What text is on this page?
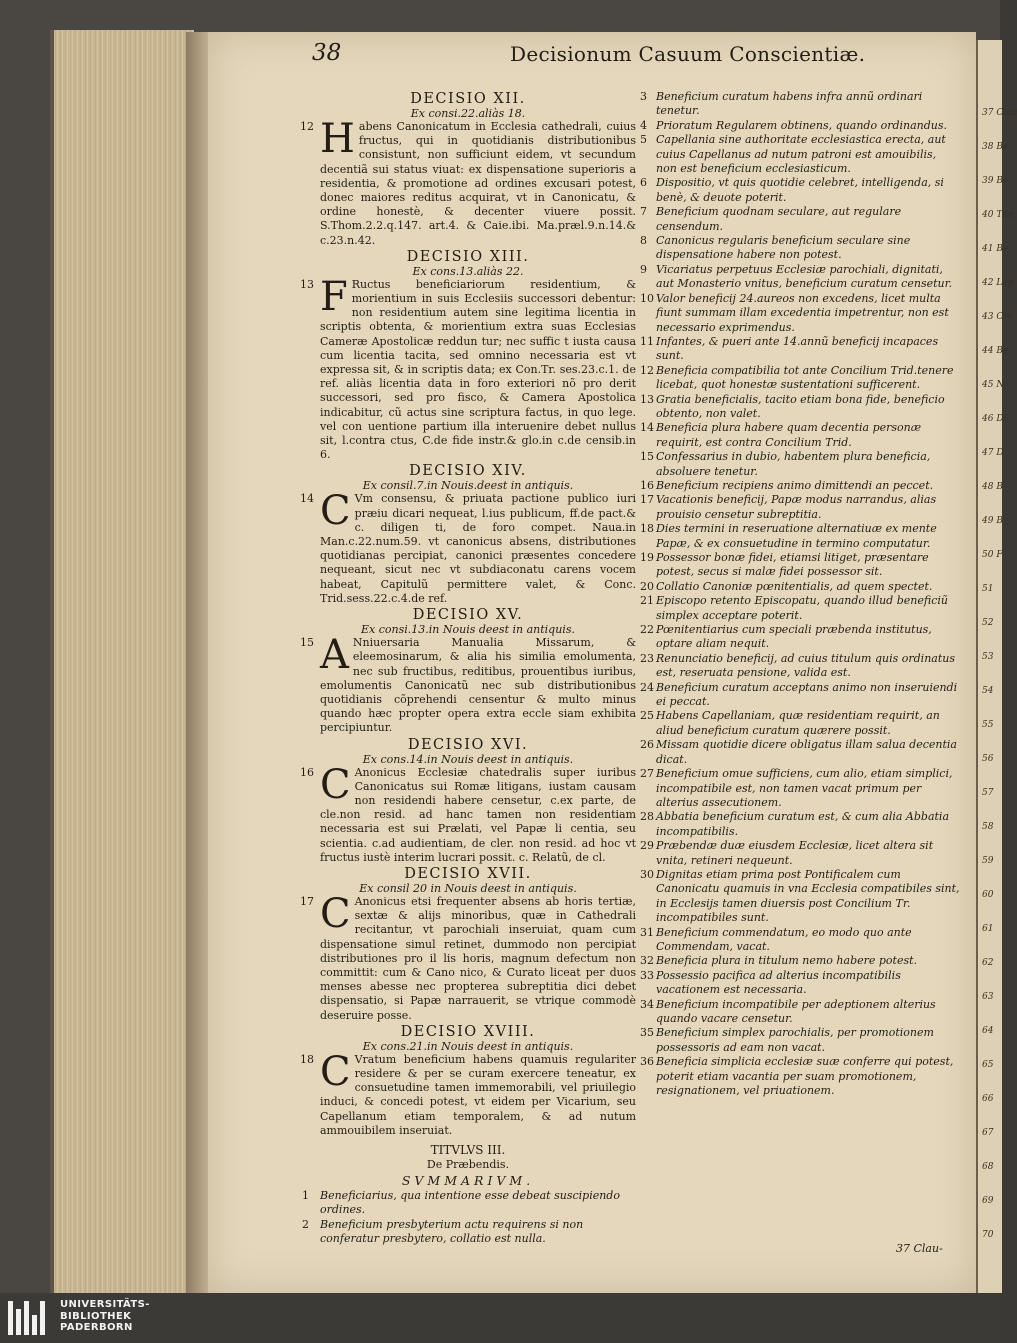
37 Clau
38 Be
39 Be
40 The
41 Be
42 Leg
43 Cre
44 Be
45 N
46 Di
47 D
48 B
49 B
50 F
51
52
53
54
55
56
57
58
59
60
61
62
63
64
65
66
67
68
69
70
38	Decisionum Casuum Conscientiæ.
DECISIO XII.
Ex consi.22.aliàs 18.
12 H abens Canonicatum in Ecclesia cathedrali, cuius fructus, qui in quotidianis distributionibus consistunt, non sufficiunt eidem, vt secundum decentiã sui status viuat: ex dispensatione superioris a residentia, & promotione ad ordines excusari potest, donec maiores reditus acquirat, vt in Canonicatu, & ordine honestè, & decenter viuere possit. S.Thom.2.2.q.147. art.4. & Caie.ibi. Ma.præl.9.n.14.& c.23.n.42.
DECISIO XIII.
Ex cons.13.aliàs 22.
13 F Ructus beneficiariorum residentium, & morientium in suis Ecclesiis successori debentur: non residentium autem sine legitima licentia in scriptis obtenta, & morientium extra suas Ecclesias Cameræ Apostolicæ reddun tur; nec suffic t iusta causa cum licentia tacita, sed omnino necessaria est vt expressa sit, & in scriptis data; ex Con.Tr. ses.23.c.1. de ref. aliàs licentia data in foro exteriori nõ pro derit successori, sed pro fisco, & Camera Apostolica indicabitur, cũ actus sine scriptura factus, in quo lege. vel con uentione partium illa interuenire debet nullus sit, l.contra ctus, C.de fide instr.& glo.in c.de censib.in 6.
DECISIO XIV.
Ex consil.7.in Nouis.deest in antiquis.
14 C Vm consensu, & priuata pactione publico iuri præiu dicari nequeat, l.ius publicum, ff.de pact.& c. diligen ti, de foro compet. Naua.in Man.c.22.num.59. vt canonicus absens, distributiones quotidianas percipiat, canonici præsentes concedere nequeant, sicut nec vt subdiaconatu carens vocem habeat, Capitulũ permittere valet, & Conc. Trid.sess.22.c.4.de ref.
DECISIO XV.
Ex consi.13.in Nouis deest in antiquis.
15 A Nniuersaria Manualia Missarum, & eleemosinarum, & alia his similia emolumenta, nec sub fructibus, reditibus, prouentibus iuribus, emolumentis Canonicatũ nec sub distributionibus quotidianis cõprehendi censentur & multo minus quando hæc propter opera extra eccle siam exhibita percipiuntur.
DECISIO XVI.
Ex cons.14.in Nouis deest in antiquis.
16 C Anonicus Ecclesiæ chatedralis super iuribus Canonicatus sui Romæ litigans, iustam causam non residendi habere censetur, c.ex parte, de cle.non resid. ad hanc tamen non residentiam necessaria est sui Prælati, vel Papæ li centia, seu scientia. c.ad audientiam, de cler. non resid. ad hoc vt fructus iustè interim lucrari possit. c. Relatũ, de cl.
DECISIO XVII.
Ex consil 20 in Nouis deest in antiquis.
17 C Anonicus etsi frequenter absens ab horis tertiæ, sextæ & alijs minoribus, quæ in Cathedrali recitantur, vt parochiali inseruiat, quam cum dispensatione simul retinet, dummodo non percipiat distributiones pro il lis horis, magnum defectum non committit: cum & Cano nico, & Curato liceat per duos menses abesse nec propterea subreptitia dici debet dispensatio, si Papæ narrauerit, se vtrique commodè deseruire posse.
DECISIO XVIII.
Ex cons.21.in Nouis deest in antiquis.
18 C Vratum beneficium habens quamuis regulariter residere & per se curam exercere teneatur, ex consuetudine tamen immemorabili, vel priuilegio induci, & concedi potest, vt eidem per Vicarium, seu Capellanum etiam temporalem, & ad nutum ammouibilem inseruiat.
TITVLVS III.
De Præbendis.
SVMMARIVM.
1 Beneficiarius, qua intentione esse debeat suscipiendo ordines.
2 Beneficium presbyterium actu requirens si non conferatur presbytero, collatio est nulla.
3 Beneficium curatum habens infra annũ ordinari tenetur.
4 Prioratum Regularem obtinens, quando ordinandus.
5 Capellania sine authoritate ecclesiastica erecta, aut cuius Capellanus ad nutum patroni est amouibilis, non est beneficium ecclesiasticum.
6 Dispositio, vt quis quotidie celebret, intelligenda, si benè, & deuote poterit.
7 Beneficium quodnam seculare, aut regulare censendum.
8 Canonicus regularis beneficium seculare sine dispensatione habere non potest.
9 Vicariatus perpetuus Ecclesiæ parochiali, dignitati, aut Monasterio vnitus, beneficium curatum censetur.
10 Valor beneficij 24.aureos non excedens, licet multa fiunt summam illam excedentia impetrentur, non est necessario exprimendus.
11 Infantes, & pueri ante 14.annũ beneficij incapaces sunt.
12 Beneficia compatibilia tot ante Concilium Trid.tenere licebat, quot honestæ sustentationi sufficerent.
13 Gratia beneficialis, tacito etiam bona fide, beneficio obtento, non valet.
14 Beneficia plura habere quam decentia personæ requirit, est contra Concilium Trid.
15 Confessarius in dubio, habentem plura beneficia, absoluere tenetur.
16 Beneficium recipiens animo dimittendi an peccet.
17 Vacationis beneficij, Papæ modus narrandus, alias prouisio censetur subreptitia.
18 Dies termini in reseruatione alternatiuæ ex mente Papæ, & ex consuetudine in termino computatur.
19 Possessor bonæ fidei, etiamsi litiget, præsentare potest, secus si malæ fidei possessor sit.
20 Collatio Canoniæ pœnitentialis, ad quem spectet.
21 Episcopo retento Episcopatu, quando illud beneficiũ simplex acceptare poterit.
22 Pœnitentiarius cum speciali præbenda institutus, optare aliam nequit.
23 Renunciatio beneficij, ad cuius titulum quis ordinatus est, reseruata pensione, valida est.
24 Beneficium curatum acceptans animo non inseruiendi ei peccat.
25 Habens Capellaniam, quæ residentiam requirit, an aliud beneficium curatum quærere possit.
26 Missam quotidie dicere obligatus illam salua decentia dicat.
27 Beneficium omue sufficiens, cum alio, etiam simplici, incompatibile est, non tamen vacat primum per alterius assecutionem.
28 Abbatia beneficium curatum est, & cum alia Abbatia incompatibilis.
29 Præbendæ duæ eiusdem Ecclesiæ, licet altera sit vnita, retineri nequeunt.
30 Dignitas etiam prima post Pontificalem cum Canonicatu quamuis in vna Ecclesia compatibiles sint, in Ecclesijs tamen diuersis post Concilium Tr. incompatibiles sunt.
31 Beneficium commendatum, eo modo quo ante Commendam, vacat.
32 Beneficia plura in titulum nemo habere potest.
33 Possessio pacifica ad alterius incompatibilis vacationem est necessaria.
34 Beneficium incompatibile per adeptionem alterius quando vacare censetur.
35 Beneficium simplex parochialis, per promotionem possessoris ad eam non vacat.
36 Beneficia simplicia ecclesiæ suæ conferre qui potest, poterit etiam vacantia per suam promotionem, resignationem, vel priuationem.
37 Clau-
UNIVERSITÄTS-
BIBLIOTHEK
PADERBORN
